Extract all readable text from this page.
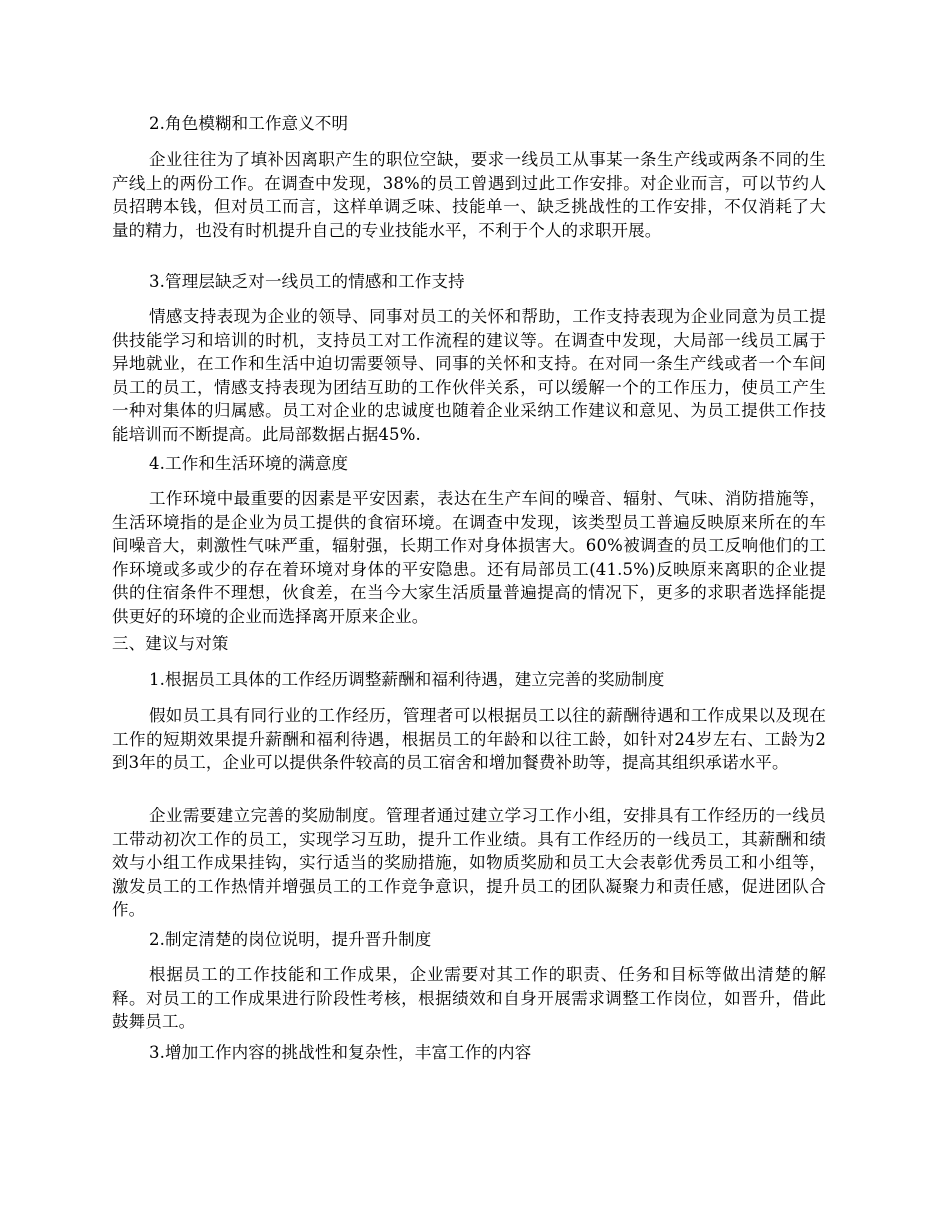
2.角色模糊和工作意义不明

企业往往为了填补因离职产生的职位空缺，要求一线员工从事某一条生产线或两条不同的生产线上的两份工作。在调查中发现，38%的员工曾遇到过此工作安排。对企业而言，可以节约人员招聘本钱，但对员工而言，这样单调乏味、技能单一、缺乏挑战性的工作安排，不仅消耗了大量的精力，也没有时机提升自己的专业技能水平，不利于个人的求职开展。

3.管理层缺乏对一线员工的情感和工作支持

情感支持表现为企业的领导、同事对员工的关怀和帮助，工作支持表现为企业同意为员工提供技能学习和培训的时机，支持员工对工作流程的建议等。在调查中发现，大局部一线员工属于异地就业，在工作和生活中迫切需要领导、同事的关怀和支持。在对同一条生产线或者一个车间员工的员工，情感支持表现为团结互助的工作伙伴关系，可以缓解一个的工作压力，使员工产生一种对集体的归属感。员工对企业的忠诚度也随着企业采纳工作建议和意见、为员工提供工作技能培训而不断提高。此局部数据占据45%.

4.工作和生活环境的满意度

工作环境中最重要的因素是平安因素，表达在生产车间的噪音、辐射、气味、消防措施等，生活环境指的是企业为员工提供的食宿环境。在调查中发现，该类型员工普遍反映原来所在的车间噪音大，刺激性气味严重，辐射强，长期工作对身体损害大。60%被调查的员工反响他们的工作环境或多或少的存在着环境对身体的平安隐患。还有局部员工(41.5%)反映原来离职的企业提供的住宿条件不理想，伙食差，在当今大家生活质量普遍提高的情况下，更多的求职者选择能提供更好的环境的企业而选择离开原来企业。

三、建议与对策

1.根据员工具体的工作经历调整薪酬和福利待遇，建立完善的奖励制度

假如员工具有同行业的工作经历，管理者可以根据员工以往的薪酬待遇和工作成果以及现在工作的短期效果提升薪酬和福利待遇，根据员工的年龄和以往工龄，如针对24岁左右、工龄为2到3年的员工，企业可以提供条件较高的员工宿舍和增加餐费补助等，提高其组织承诺水平。

企业需要建立完善的奖励制度。管理者通过建立学习工作小组，安排具有工作经历的一线员工带动初次工作的员工，实现学习互助，提升工作业绩。具有工作经历的一线员工，其薪酬和绩效与小组工作成果挂钩，实行适当的奖励措施，如物质奖励和员工大会表彰优秀员工和小组等，激发员工的工作热情并增强员工的工作竞争意识，提升员工的团队凝聚力和责任感，促进团队合作。

2.制定清楚的岗位说明，提升晋升制度

根据员工的工作技能和工作成果，企业需要对其工作的职责、任务和目标等做出清楚的解释。对员工的工作成果进行阶段性考核，根据绩效和自身开展需求调整工作岗位，如晋升，借此鼓舞员工。

3.增加工作内容的挑战性和复杂性，丰富工作的内容
